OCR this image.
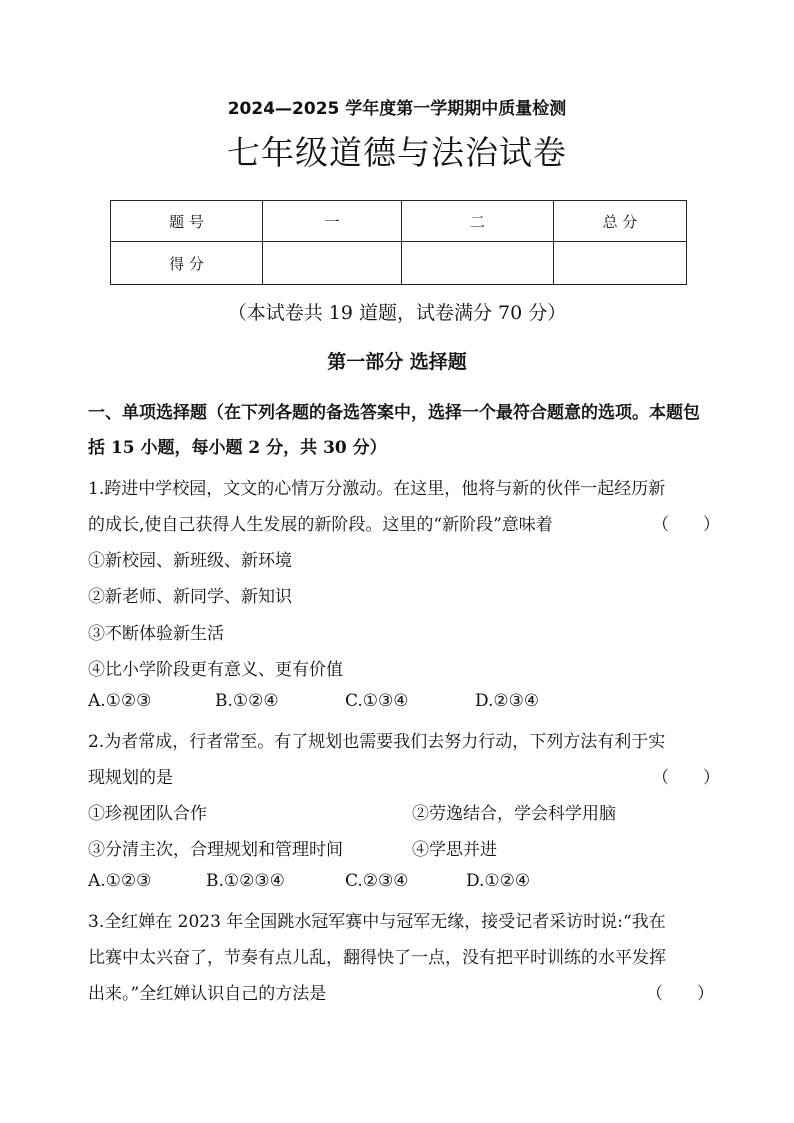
2024—2025 学年度第一学期期中质量检测
七年级道德与法治试卷
题 号	一	二	总 分
得 分			
（本试卷共 19 道题，试卷满分 70 分）
第一部分 选择题
一、单项选择题（在下列各题的备选答案中，选择一个最符合题意的选项。本题包括 15 小题，每小题 2 分，共 30 分）
1.跨进中学校园，文文的心情万分激动。在这里，他将与新的伙伴一起经历新
的成长,使自己获得人生发展的新阶段。这里的“新阶段”意味着	（　　）
①新校园、新班级、新环境
②新老师、新同学、新知识
③不断体验新生活
④比小学阶段更有意义、更有价值
A.①②③	B.①②④	C.①③④	D.②③④
2.为者常成，行者常至。有了规划也需要我们去努力行动，下列方法有利于实
现规划的是	（　　）
①珍视团队合作	②劳逸结合，学会科学用脑
③分清主次，合理规划和管理时间	④学思并进
A.①②③	B.①②③④	C.②③④	D.①②④
3.全红婵在 2023 年全国跳水冠军赛中与冠军无缘，接受记者采访时说:“我在
比赛中太兴奋了，节奏有点儿乱，翻得快了一点，没有把平时训练的水平发挥
出来。”全红婵认识自己的方法是	（　　）
